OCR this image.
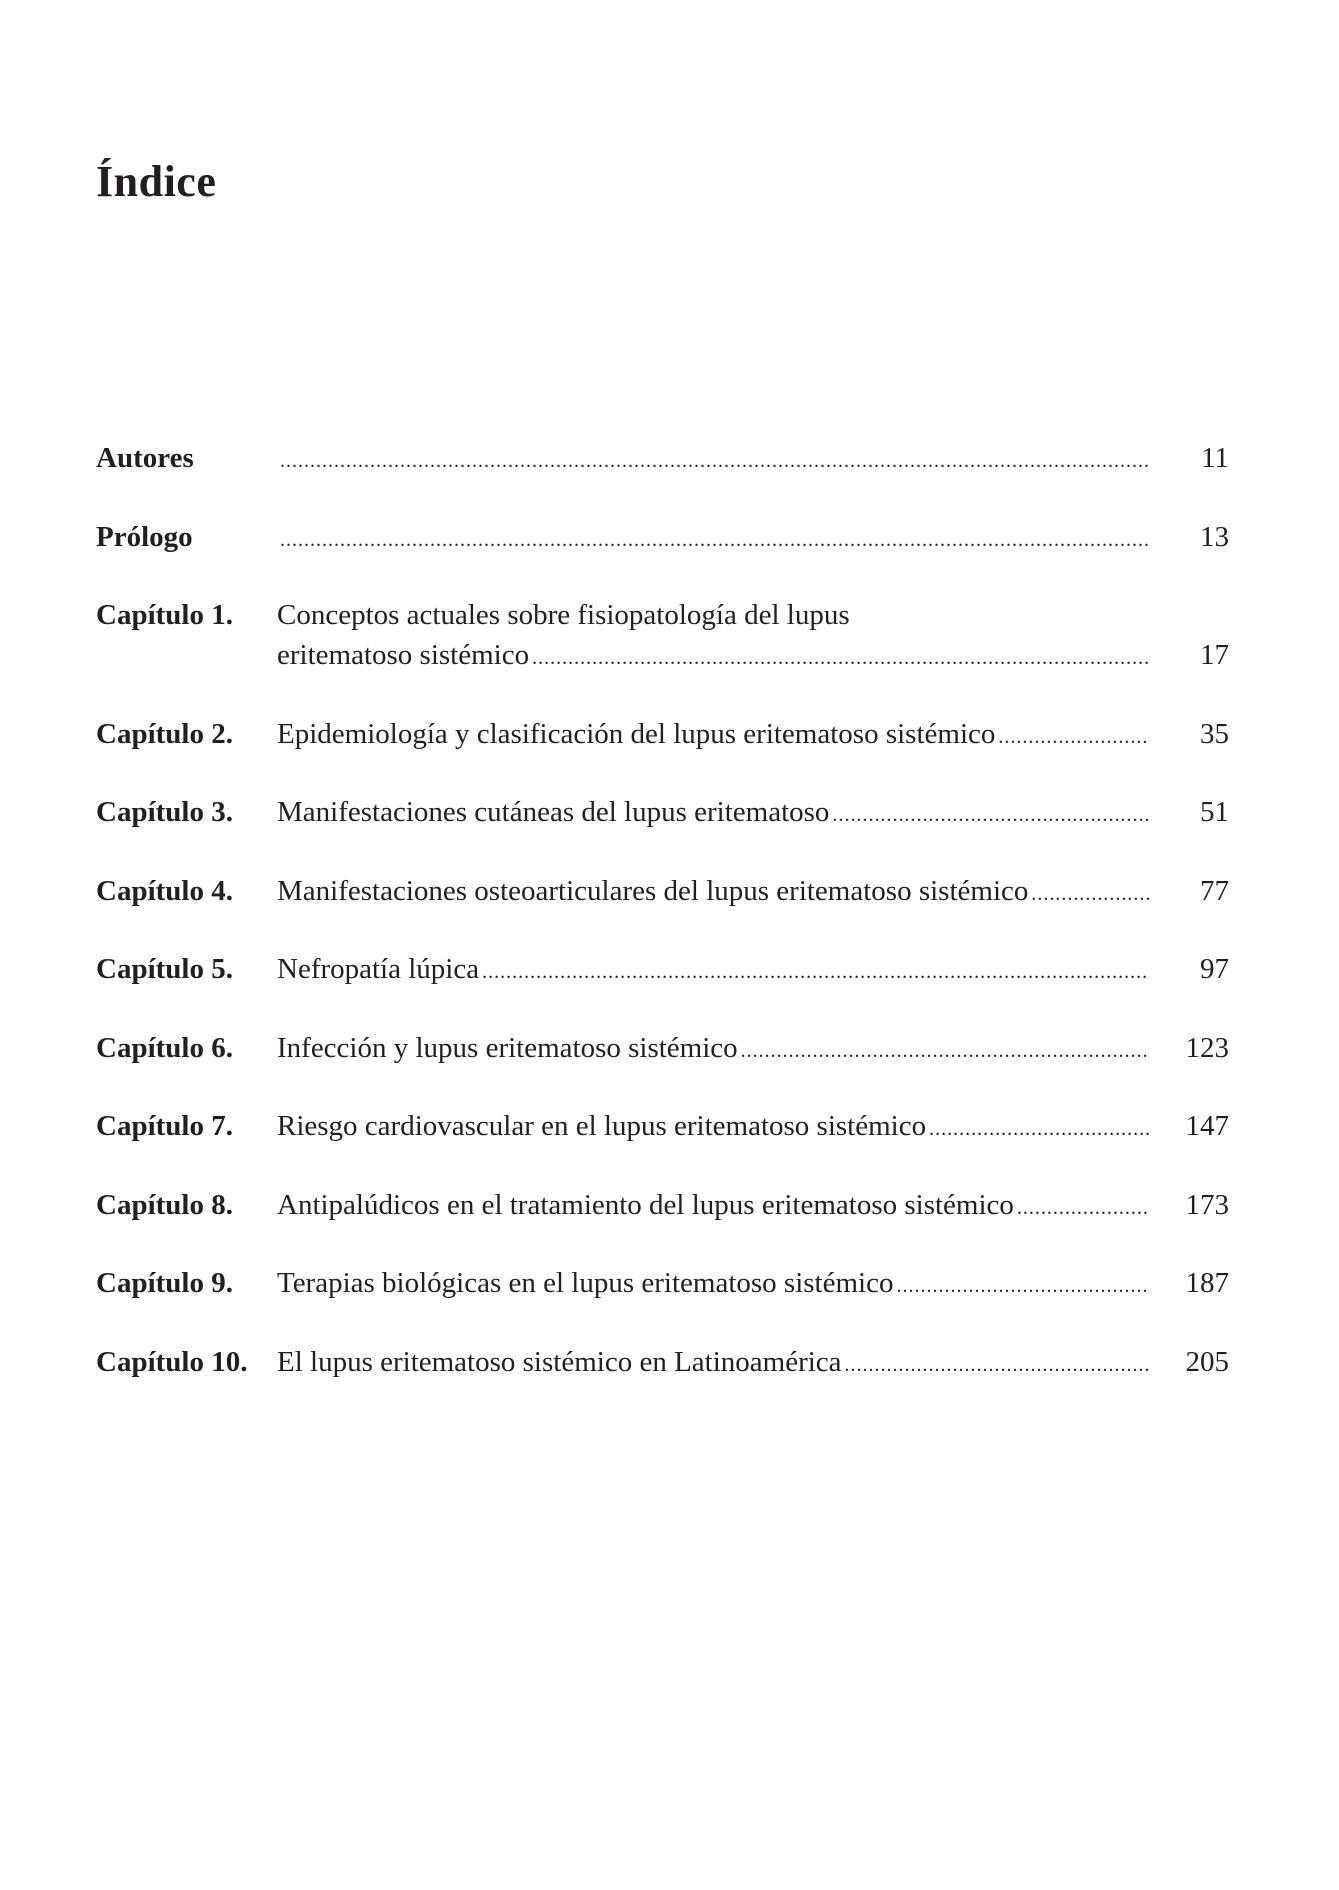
Índice
Autores . . .	11
Prólogo . . .	13
Capítulo 1. Conceptos actuales sobre fisiopatología del lupus
eritematoso sistémico . . .	17
Capítulo 2. Epidemiología y clasificación del lupus eritematoso sistémico . . .	35
Capítulo 3. Manifestaciones cutáneas del lupus eritematoso . . .	51
Capítulo 4. Manifestaciones osteoarticulares del lupus eritematoso sistémico . . .	77
Capítulo 5. Nefropatía lúpica . . .	97
Capítulo 6. Infección y lupus eritematoso sistémico . . .	123
Capítulo 7. Riesgo cardiovascular en el lupus eritematoso sistémico . . .	147
Capítulo 8. Antipalúdicos en el tratamiento del lupus eritematoso sistémico . . .	173
Capítulo 9. Terapias biológicas en el lupus eritematoso sistémico . . .	187
Capítulo 10. El lupus eritematoso sistémico en Latinoamérica . . .	205
